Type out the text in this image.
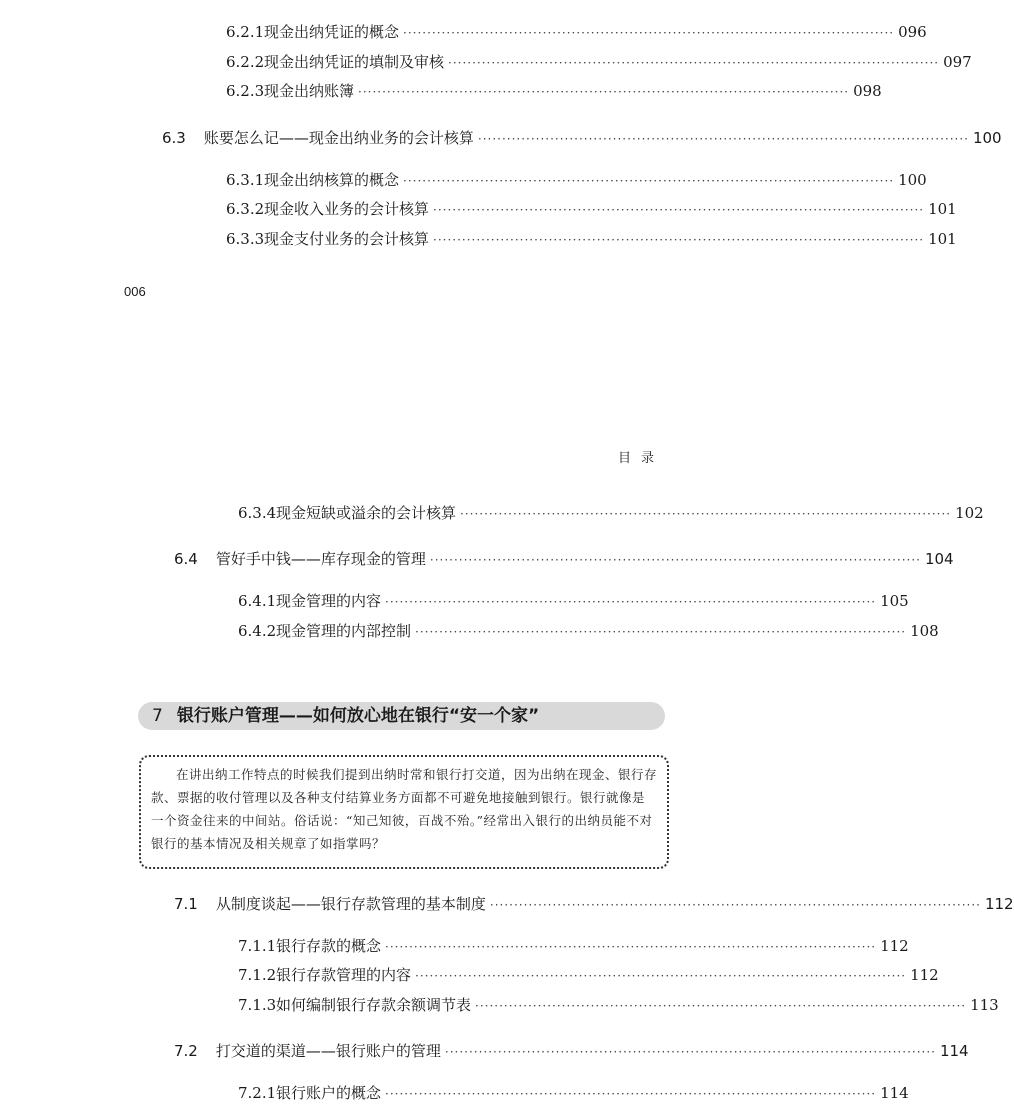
6.2.1 现金出纳凭证的概念 ······································································································ 096
6.2.2 现金出纳凭证的填制及审核 ······································································································ 097
6.2.3 现金出纳账簿 ······································································································ 098
6.3 账要怎么记——现金出纳业务的会计核算 ······································································································ 100
6.3.1 现金出纳核算的概念 ······································································································ 100
6.3.2 现金收入业务的会计核算 ······································································································ 101
6.3.3 现金支付业务的会计核算 ······································································································ 101
006
目录
6.3.4 现金短缺或溢余的会计核算 ······································································································ 102
6.4 管好手中钱——库存现金的管理 ······································································································ 104
6.4.1 现金管理的内容 ······································································································ 105
6.4.2 现金管理的内部控制 ······································································································ 108
7 银行账户管理——如何放心地在银行“安一个家”
在讲出纳工作特点的时候我们提到出纳时常和银行打交道，因为出纳在现金、银行存款、票据的收付管理以及各种支付结算业务方面都不可避免地接触到银行。银行就像是一个资金往来的中间站。俗话说：“知己知彼，百战不殆。”经常出入银行的出纳员能不对银行的基本情况及相关规章了如指掌吗？
7.1 从制度谈起——银行存款管理的基本制度 ······································································································ 112
7.1.1 银行存款的概念 ······································································································ 112
7.1.2 银行存款管理的内容 ······································································································ 112
7.1.3 如何编制银行存款余额调节表 ······································································································ 113
7.2 打交道的渠道——银行账户的管理 ······································································································ 114
7.2.1 银行账户的概念 ······································································································ 114
